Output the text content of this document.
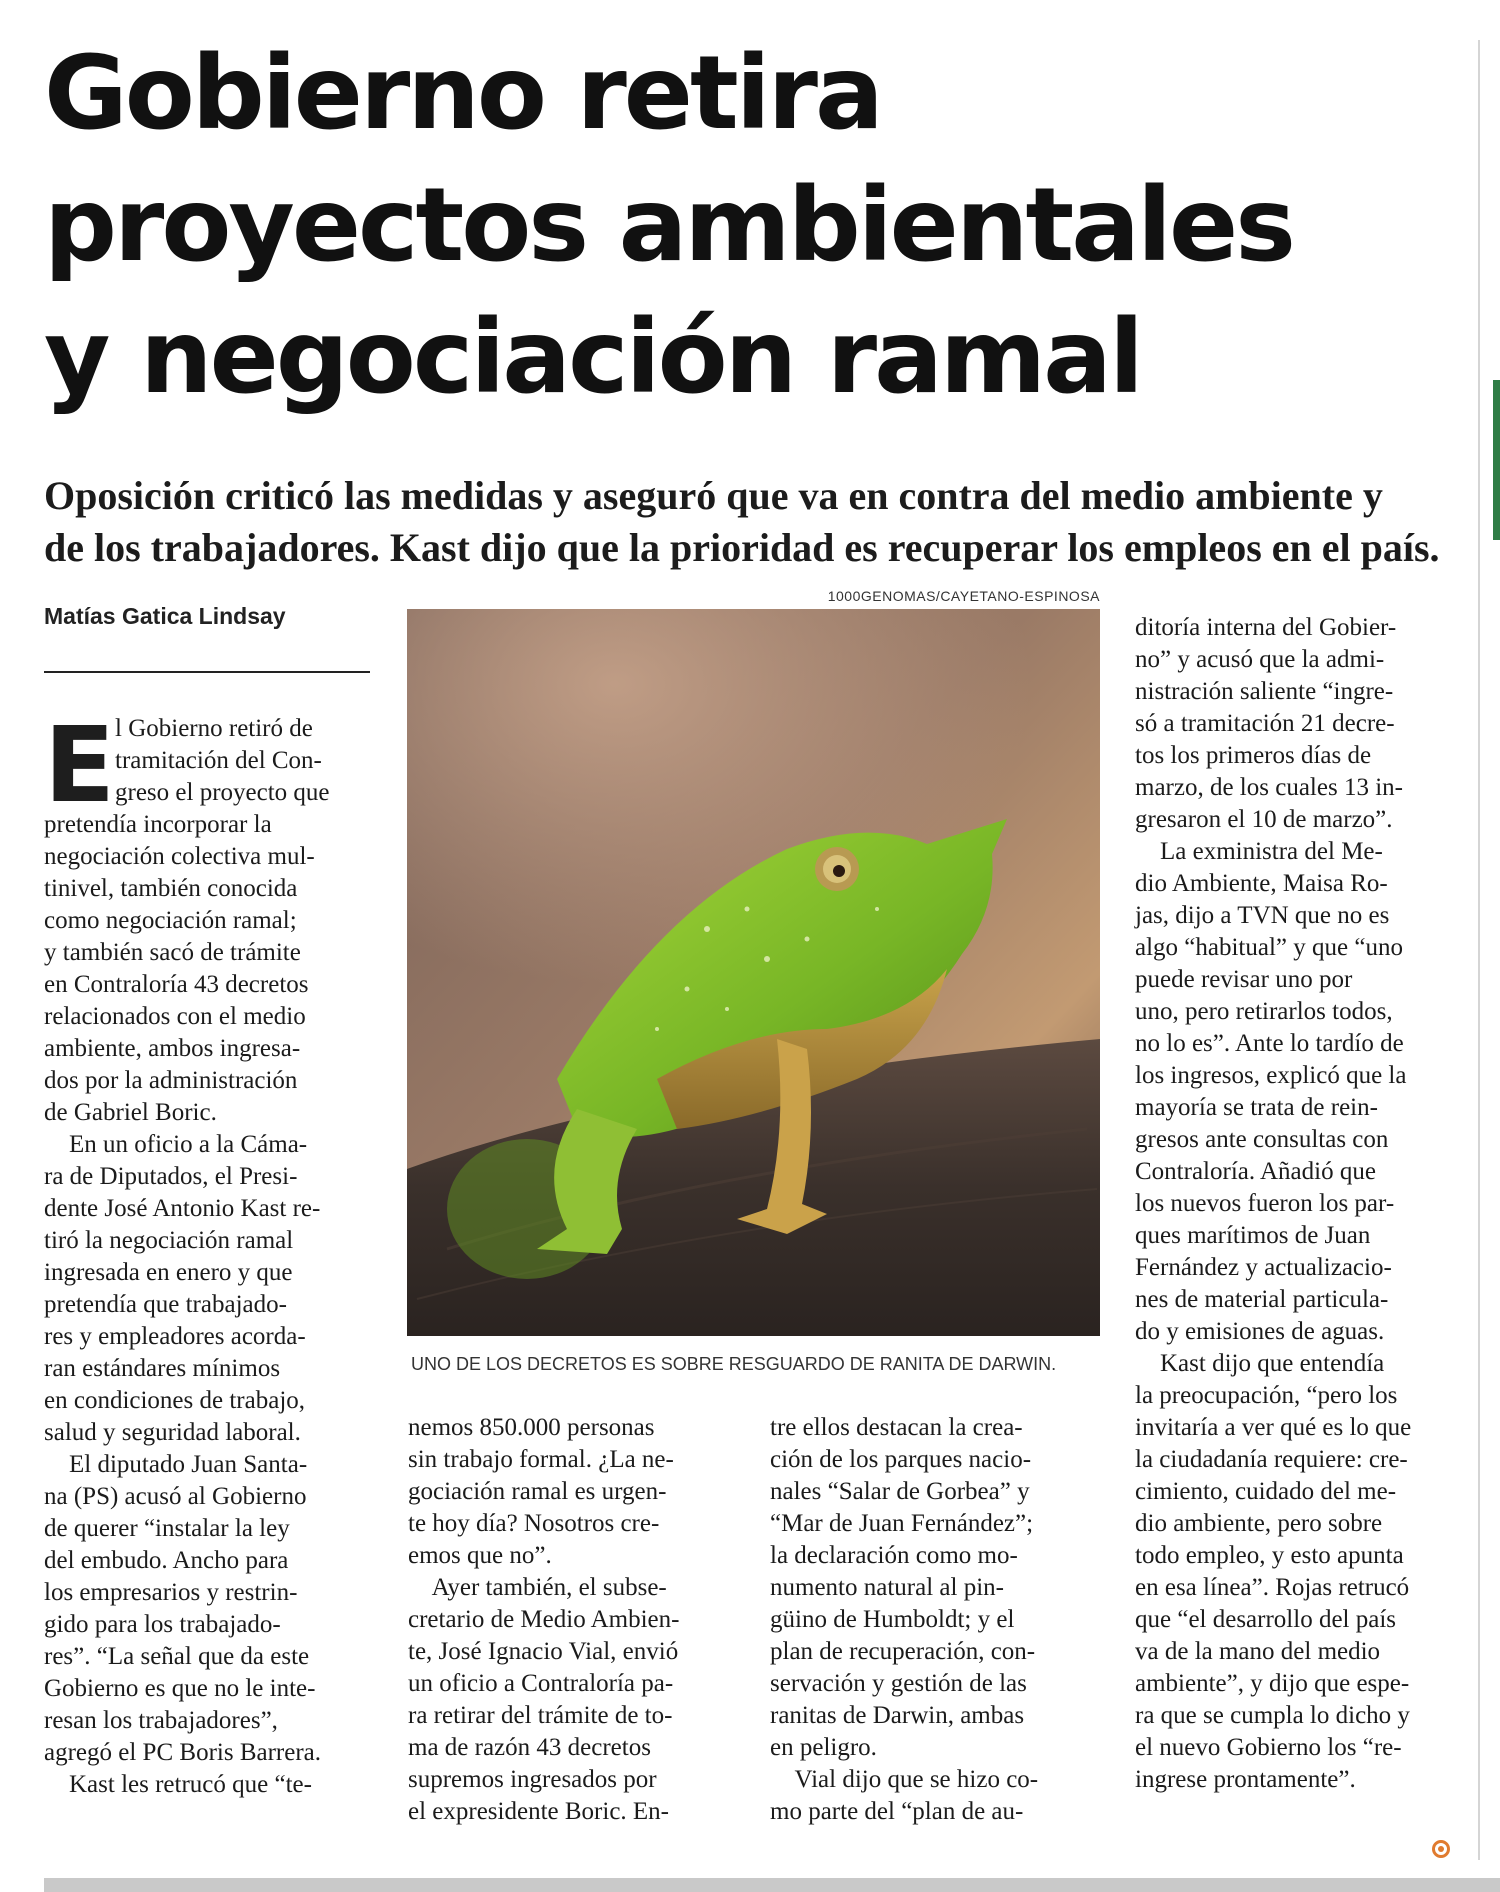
Gobierno retira
proyectos ambientales
y negociación ramal
Oposición criticó las medidas y aseguró que va en contra del medio ambiente y
de los trabajadores. Kast dijo que la prioridad es recuperar los empleos en el país.
Matías Gatica Lindsay
E l Gobierno retiró de
tramitación del Con-
greso el proyecto que
pretendía incorporar la
negociación colectiva mul-
tinivel, también conocida
como negociación ramal;
y también sacó de trámite
en Contraloría 43 decretos
relacionados con el medio
ambiente, ambos ingresa-
dos por la administración
de Gabriel Boric.
En un oficio a la Cáma-
ra de Diputados, el Presi-
dente José Antonio Kast re-
tiró la negociación ramal
ingresada en enero y que
pretendía que trabajado-
res y empleadores acorda-
ran estándares mínimos
en condiciones de trabajo,
salud y seguridad laboral.
El diputado Juan Santa-
na (PS) acusó al Gobierno
de querer “instalar la ley
del embudo. Ancho para
los empresarios y restrin-
gido para los trabajado-
res”. “La señal que da este
Gobierno es que no le inte-
resan los trabajadores”,
agregó el PC Boris Barrera.
Kast les retrucó que “te-
nemos 850.000 personas
sin trabajo formal. ¿La ne-
gociación ramal es urgen-
te hoy día? Nosotros cre-
emos que no”.
Ayer también, el subse-
cretario de Medio Ambien-
te, José Ignacio Vial, envió
un oficio a Contraloría pa-
ra retirar del trámite de to-
ma de razón 43 decretos
supremos ingresados por
el expresidente Boric. En-
tre ellos destacan la crea-
ción de los parques nacio-
nales “Salar de Gorbea” y
“Mar de Juan Fernández”;
la declaración como mo-
numento natural al pin-
güino de Humboldt; y el
plan de recuperación, con-
servación y gestión de las
ranitas de Darwin, ambas
en peligro.
Vial dijo que se hizo co-
mo parte del “plan de au-
ditoría interna del Gobier-
no” y acusó que la admi-
nistración saliente “ingre-
só a tramitación 21 decre-
tos los primeros días de
marzo, de los cuales 13 in-
gresaron el 10 de marzo”.
La exministra del Me-
dio Ambiente, Maisa Ro-
jas, dijo a TVN que no es
algo “habitual” y que “uno
puede revisar uno por
uno, pero retirarlos todos,
no lo es”. Ante lo tardío de
los ingresos, explicó que la
mayoría se trata de rein-
gresos ante consultas con
Contraloría. Añadió que
los nuevos fueron los par-
ques marítimos de Juan
Fernández y actualizacio-
nes de material particula-
do y emisiones de aguas.
Kast dijo que entendía
la preocupación, “pero los
invitaría a ver qué es lo que
la ciudadanía requiere: cre-
cimiento, cuidado del me-
dio ambiente, pero sobre
todo empleo, y esto apunta
en esa línea”. Rojas retrucó
que “el desarrollo del país
va de la mano del medio
ambiente”, y dijo que espe-
ra que se cumpla lo dicho y
el nuevo Gobierno los “re-
ingrese prontamente”.
1000GENOMAS/CAYETANO-ESPINOSA
UNO DE LOS DECRETOS ES SOBRE RESGUARDO DE RANITA DE DARWIN.
